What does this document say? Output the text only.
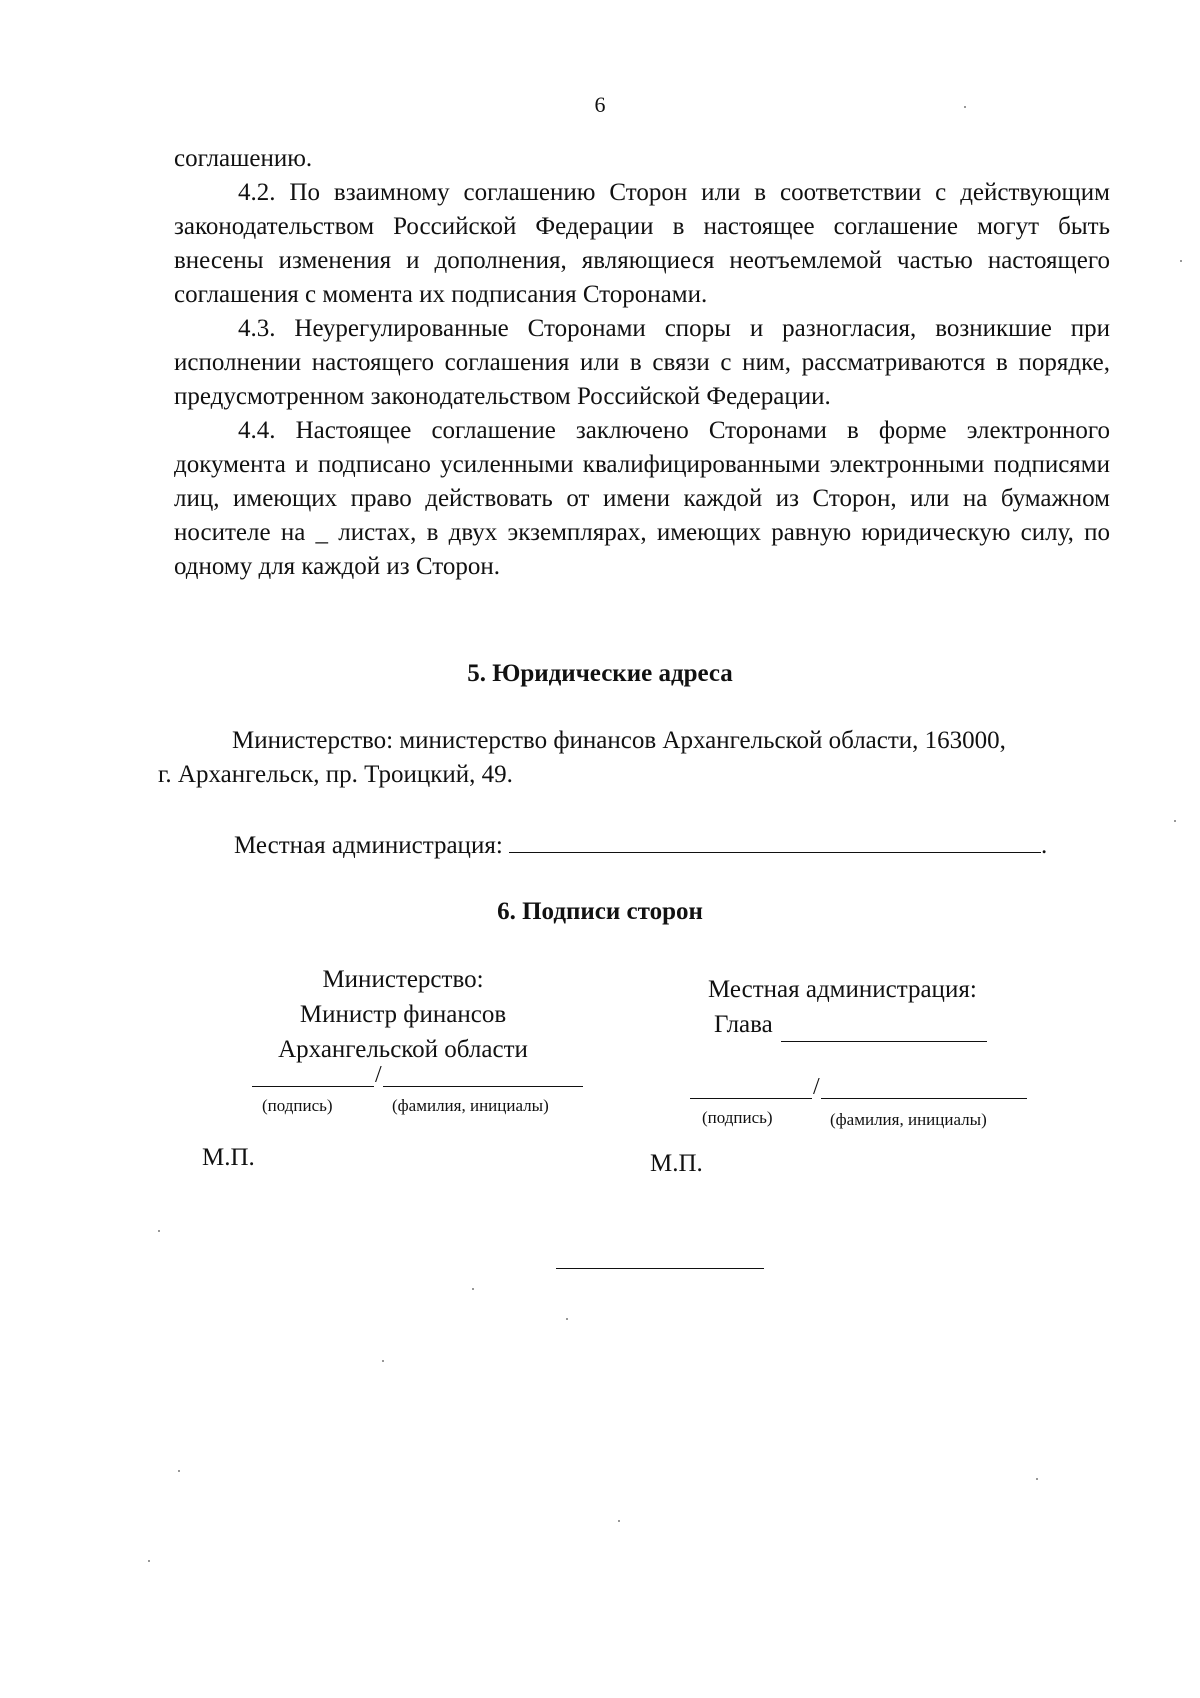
6

соглашению.

4.2. По взаимному соглашению Сторон или в соответствии с действующим законодательством Российской Федерации в настоящее соглашение могут быть внесены изменения и дополнения, являющиеся неотъемлемой частью настоящего соглашения с момента их подписания Сторонами.

4.3. Неурегулированные Сторонами споры и разногласия, возникшие при исполнении настоящего соглашения или в связи с ним, рассматриваются в порядке, предусмотренном законодательством Российской Федерации.

4.4. Настоящее соглашение заключено Сторонами в форме электронного документа и подписано усиленными квалифицированными электронными подписями лиц, имеющих право действовать от имени каждой из Сторон, или на бумажном носителе на _ листах, в двух экземплярах, имеющих равную юридическую силу, по одному для каждой из Сторон.

5. Юридические адреса
Министерство: министерство финансов Архангельской области, 163000,
г. Архангельск, пр. Троицкий, 49.
Местная администрация:	.
6. Подписи сторон
Министерство:
Министр финансов
Архангельской области
/
(подпись)	(фамилия, инициалы)
Местная администрация:
Глава
/
(подпись)	(фамилия, инициалы)
М.П.	М.П.
